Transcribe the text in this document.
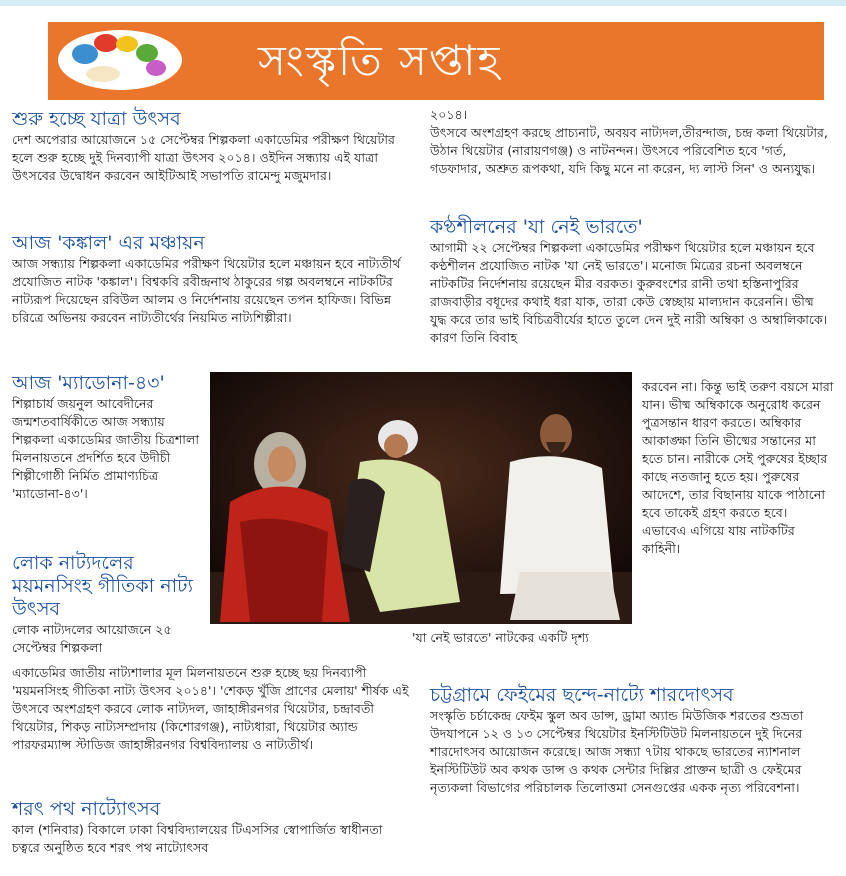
সংস্কৃতি সপ্তাহ
শুরু হচ্ছে যাত্রা উৎসব

দেশ অপেরার আয়োজনে ১৫ সেপ্টেম্বর শিল্পকলা একাডেমির পরীক্ষণ থিয়েটার হলে শুরু হচ্ছে দুই দিনব্যাপী যাত্রা উৎসব ২০১৪। ওইদিন সন্ধ্যায় এই যাত্রা উৎসবের উদ্বোধন করবেন আইটিআই সভাপতি রামেন্দু মজুমদার।

আজ 'কঙ্কাল' এর মঞ্চায়ন

আজ সন্ধ্যায় শিল্পকলা একাডেমির পরীক্ষণ থিয়েটার হলে মঞ্চায়ন হবে নাট্যতীর্থ প্রযোজিত নাটক 'কঙ্কাল'। বিশ্বকবি রবীন্দ্রনাথ ঠাকুরের গল্প অবলম্বনে নাটকটির নাট্যরূপ দিয়েছেন রবিউল আলম ও নির্দেশনায় রয়েছেন তপন হাফিজ। বিভিন্ন চরিত্রে অভিনয় করবেন নাট্যতীর্থের নিয়মিত নাট্যশিল্পীরা।

আজ 'ম্যাডোনা-৪৩'

শিল্পাচার্য জয়নুল আবেদীনের জন্মশতবার্ষিকীতে আজ সন্ধ্যায় শিল্পকলা একাডেমির জাতীয় চিত্রশালা মিলনায়তনে প্রদর্শিত হবে উদীচী শিল্পীগোষ্ঠী নির্মিত প্রামাণ্যচিত্র 'ম্যাডোনা-৪৩'।

লোক নাট্যদলের ময়মনসিংহ গীতিকা নাট্য উৎসব

লোক নাট্যদলের আয়োজনে ২৫ সেপ্টেম্বর শিল্পকলা

একাডেমির জাতীয় নাট্যশালার মূল মিলনায়তনে শুরু হচ্ছে ছয় দিনব্যাপী 'ময়মনসিংহ গীতিকা নাট্য উৎসব ২০১৪'। 'শেকড় খুঁজি প্রাণের মেলায়' শীর্ষক এই উৎসবে অংশগ্রহণ করবে লোক নাট্যদল, জাহাঙ্গীরনগর থিয়েটার, চন্দ্রাবতী থিয়েটার, শিকড় নাট্যসম্প্রদায় (কিশোরগঞ্জ), নাট্যধারা, থিয়েটার অ্যান্ড পারফরম্যান্স স্টাডিজ জাহাঙ্গীরনগর বিশ্ববিদ্যালয় ও নাট্যতীর্থ।

শরৎ পথ নাট্যোৎসব

কাল (শনিবার) বিকালে ঢাকা বিশ্ববিদ্যালয়ের টিএসসির স্বোপার্জিত স্বাধীনতা চত্বরে অনুষ্ঠিত হবে শরৎ পথ নাট্যোৎসব

২০১৪।

উৎসবে অংশগ্রহণ করছে প্রাচ্যনাট, অবয়ব নাট্যদল,তীরন্দাজ, চন্দ্র কলা থিয়েটার, উঠান থিয়েটার (নারায়ণগঞ্জ) ও নাটনন্দন। উৎসবে পরিবেশিত হবে 'গর্ত, গডফাদার, অশ্রুত রূপকথা, যদি কিছু মনে না করেন, দ্য লাস্ট সিন' ও অন্যযুদ্ধ।

কণ্ঠশীলনের 'যা নেই ভারতে'

আগামী ২২ সেপ্টেম্বর শিল্পকলা একাডেমির পরীক্ষণ থিয়েটার হলে মঞ্চায়ন হবে কণ্ঠশীলন প্রযোজিত নাটক 'যা নেই ভারতে'। মনোজ মিত্রের রচনা অবলম্বনে নাটকটির নির্দেশনায় রয়েছেন মীর বরকত। কুরুবংশের রানী তথা হস্তিনাপুরির রাজবাড়ীর বধূদের কথাই ধরা যাক, তারা কেউ স্বেচ্ছায় মাল্যদান করেননি। ভীষ্ম যুদ্ধ করে তার ভাই বিচিত্রবীর্যের হাতে তুলে দেন দুই নারী অম্বিকা ও অম্বালিকাকে। কারণ তিনি বিবাহ

করবেন না। কিন্তু ভাই তরুণ বয়সে মারা যান। ভীষ্ম অম্বিকাকে অনুরোধ করেন পুত্রসন্তান ধারণ করতে। অম্বিকার আকাঙ্ক্ষা তিনি ভীষ্মের সন্তানের মা হতে চান। নারীকে সেই পুরুষের ইচ্ছার কাছে নতজানু হতে হয়। পুরুষের আদেশে, তার বিছানায় যাকে পাঠানো হবে তাকেই গ্রহণ করতে হবে। এভাবেএ এগিয়ে যায় নাটকটির কাহিনী।

চট্টগ্রামে ফেইমের ছন্দে-নাট্যে শারদোৎসব

সংস্কৃতি চর্চাকেন্দ্র ফেইম স্কুল অব ডান্স, ড্রামা অ্যান্ড মিউজিক শরতের শুভ্রতা উদযাপনে ১২ ও ১৩ সেপ্টেম্বর থিয়েটার ইনস্টিটিউট মিলনায়তনে দুই দিনের শারদোৎসব আয়োজন করেছে। আজ সন্ধ্যা ৭টায় থাকছে ভারতের ন্যাশনাল ইনস্টিটিউট অব কথক ডান্স ও কথক সেন্টার দিল্লির প্রাক্তন ছাত্রী ও ফেইমের নৃত্যকলা বিভাগের পরিচালক তিলোত্তমা সেনগুপ্তের একক নৃত্য পরিবেশনা।

'যা নেই ভারতে' নাটকের একটি দৃশ্য
